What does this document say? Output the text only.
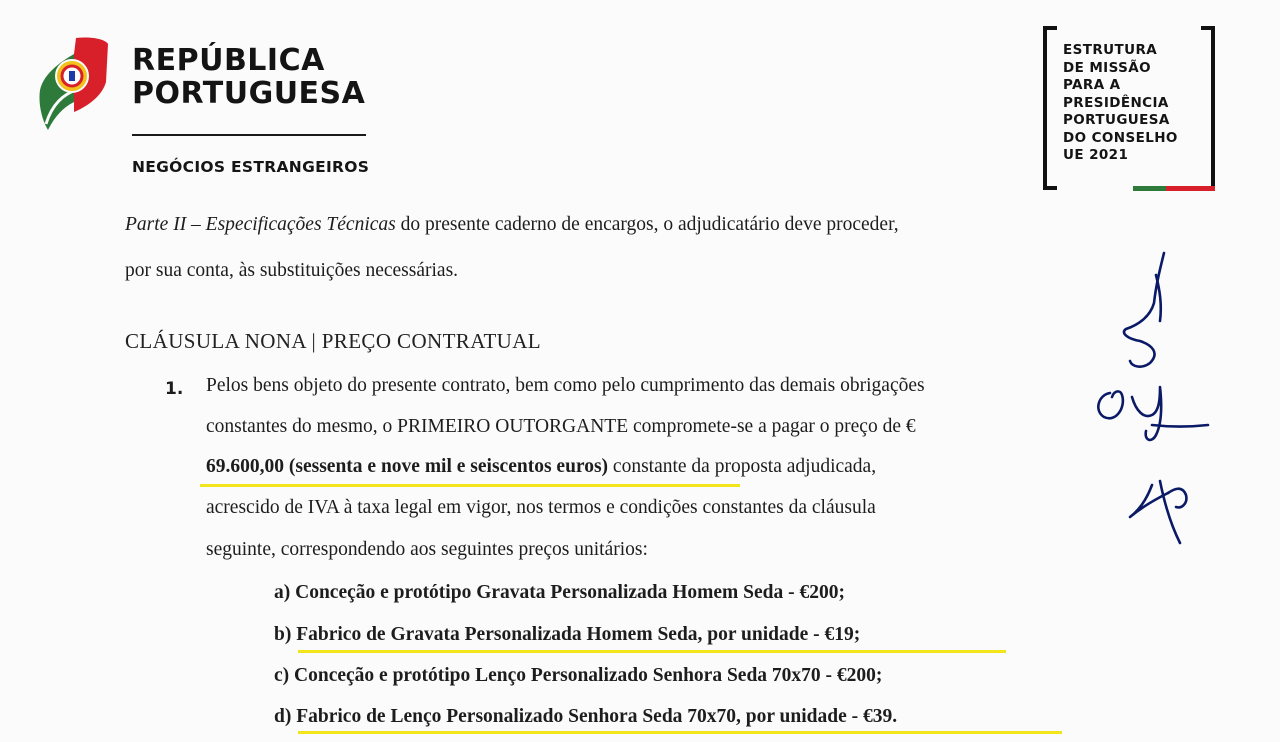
REPÚBLICA
PORTUGUESA
NEGÓCIOS ESTRANGEIROS
ESTRUTURA
DE MISSÃO
PARA A
PRESIDÊNCIA
PORTUGUESA
DO CONSELHO
UE 2021
Parte II – Especificações Técnicas do presente caderno de encargos, o adjudicatário deve proceder,
por sua conta, às substituições necessárias.
CLÁUSULA NONA | PREÇO CONTRATUAL
1. Pelos bens objeto do presente contrato, bem como pelo cumprimento das demais obrigações
constantes do mesmo, o PRIMEIRO OUTORGANTE compromete-se a pagar o preço de €
69.600,00 (sessenta e nove mil e seiscentos euros) constante da proposta adjudicada,
acrescido de IVA à taxa legal em vigor, nos termos e condições constantes da cláusula
seguinte, correspondendo aos seguintes preços unitários:
a) Conceção e protótipo Gravata Personalizada Homem Seda - €200;
b) Fabrico de Gravata Personalizada Homem Seda, por unidade - €19;
c) Conceção e protótipo Lenço Personalizado Senhora Seda 70x70 - €200;
d) Fabrico de Lenço Personalizado Senhora Seda 70x70, por unidade - €39.
